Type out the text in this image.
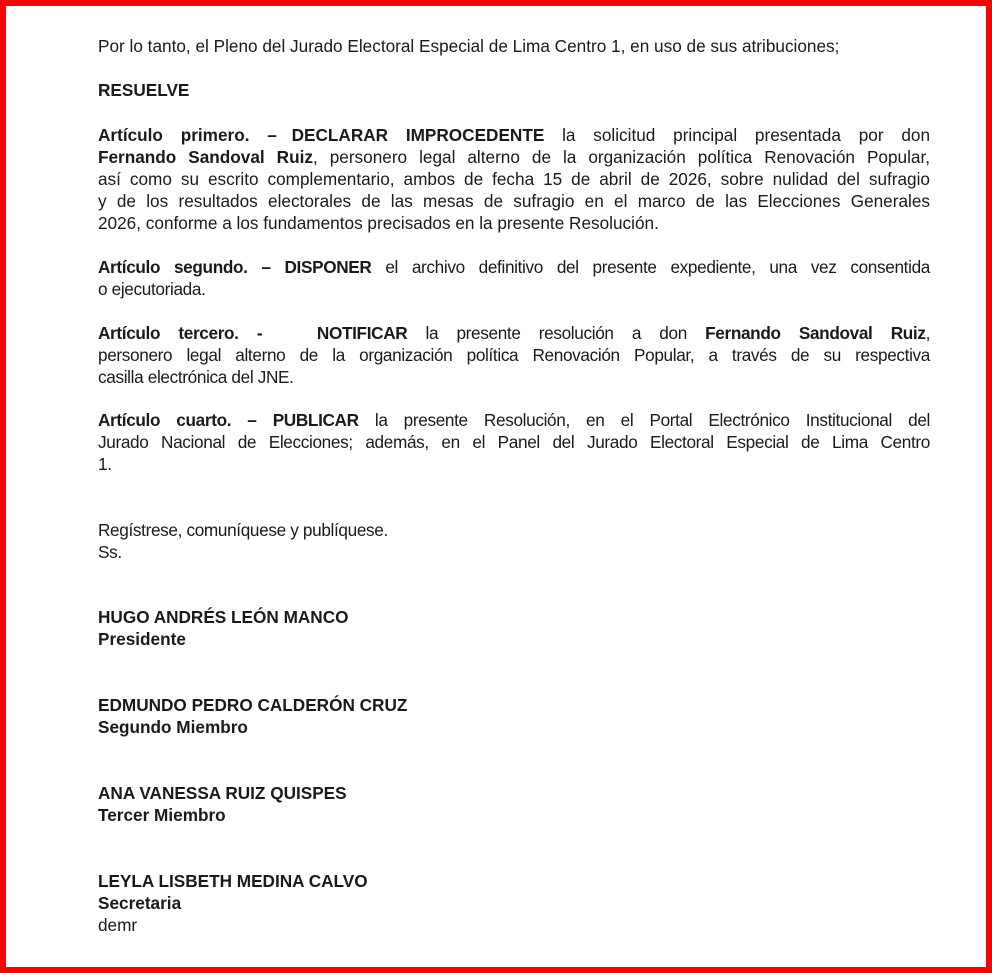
Por lo tanto, el Pleno del Jurado Electoral Especial de Lima Centro 1, en uso de sus atribuciones;
RESUELVE
Artículo primero. – DECLARAR IMPROCEDENTE la solicitud principal presentada por don
Fernando Sandoval Ruiz, personero legal alterno de la organización política Renovación Popular,
así como su escrito complementario, ambos de fecha 15 de abril de 2026, sobre nulidad del sufragio
y de los resultados electorales de las mesas de sufragio en el marco de las Elecciones Generales
2026, conforme a los fundamentos precisados en la presente Resolución.
Artículo segundo. – DISPONER el archivo definitivo del presente expediente, una vez consentida
o ejecutoriada.
Artículo tercero. -	NOTIFICAR la presente resolución a don Fernando Sandoval Ruiz,
personero legal alterno de la organización política Renovación Popular, a través de su respectiva
casilla electrónica del JNE.
Artículo cuarto. – PUBLICAR la presente Resolución, en el Portal Electrónico Institucional del
Jurado Nacional de Elecciones; además, en el Panel del Jurado Electoral Especial de Lima Centro
1.
Regístrese, comuníquese y publíquese.
Ss.
HUGO ANDRÉS LEÓN MANCO
Presidente
EDMUNDO PEDRO CALDERÓN CRUZ
Segundo Miembro
ANA VANESSA RUIZ QUISPES
Tercer Miembro
LEYLA LISBETH MEDINA CALVO
Secretaria
demr
